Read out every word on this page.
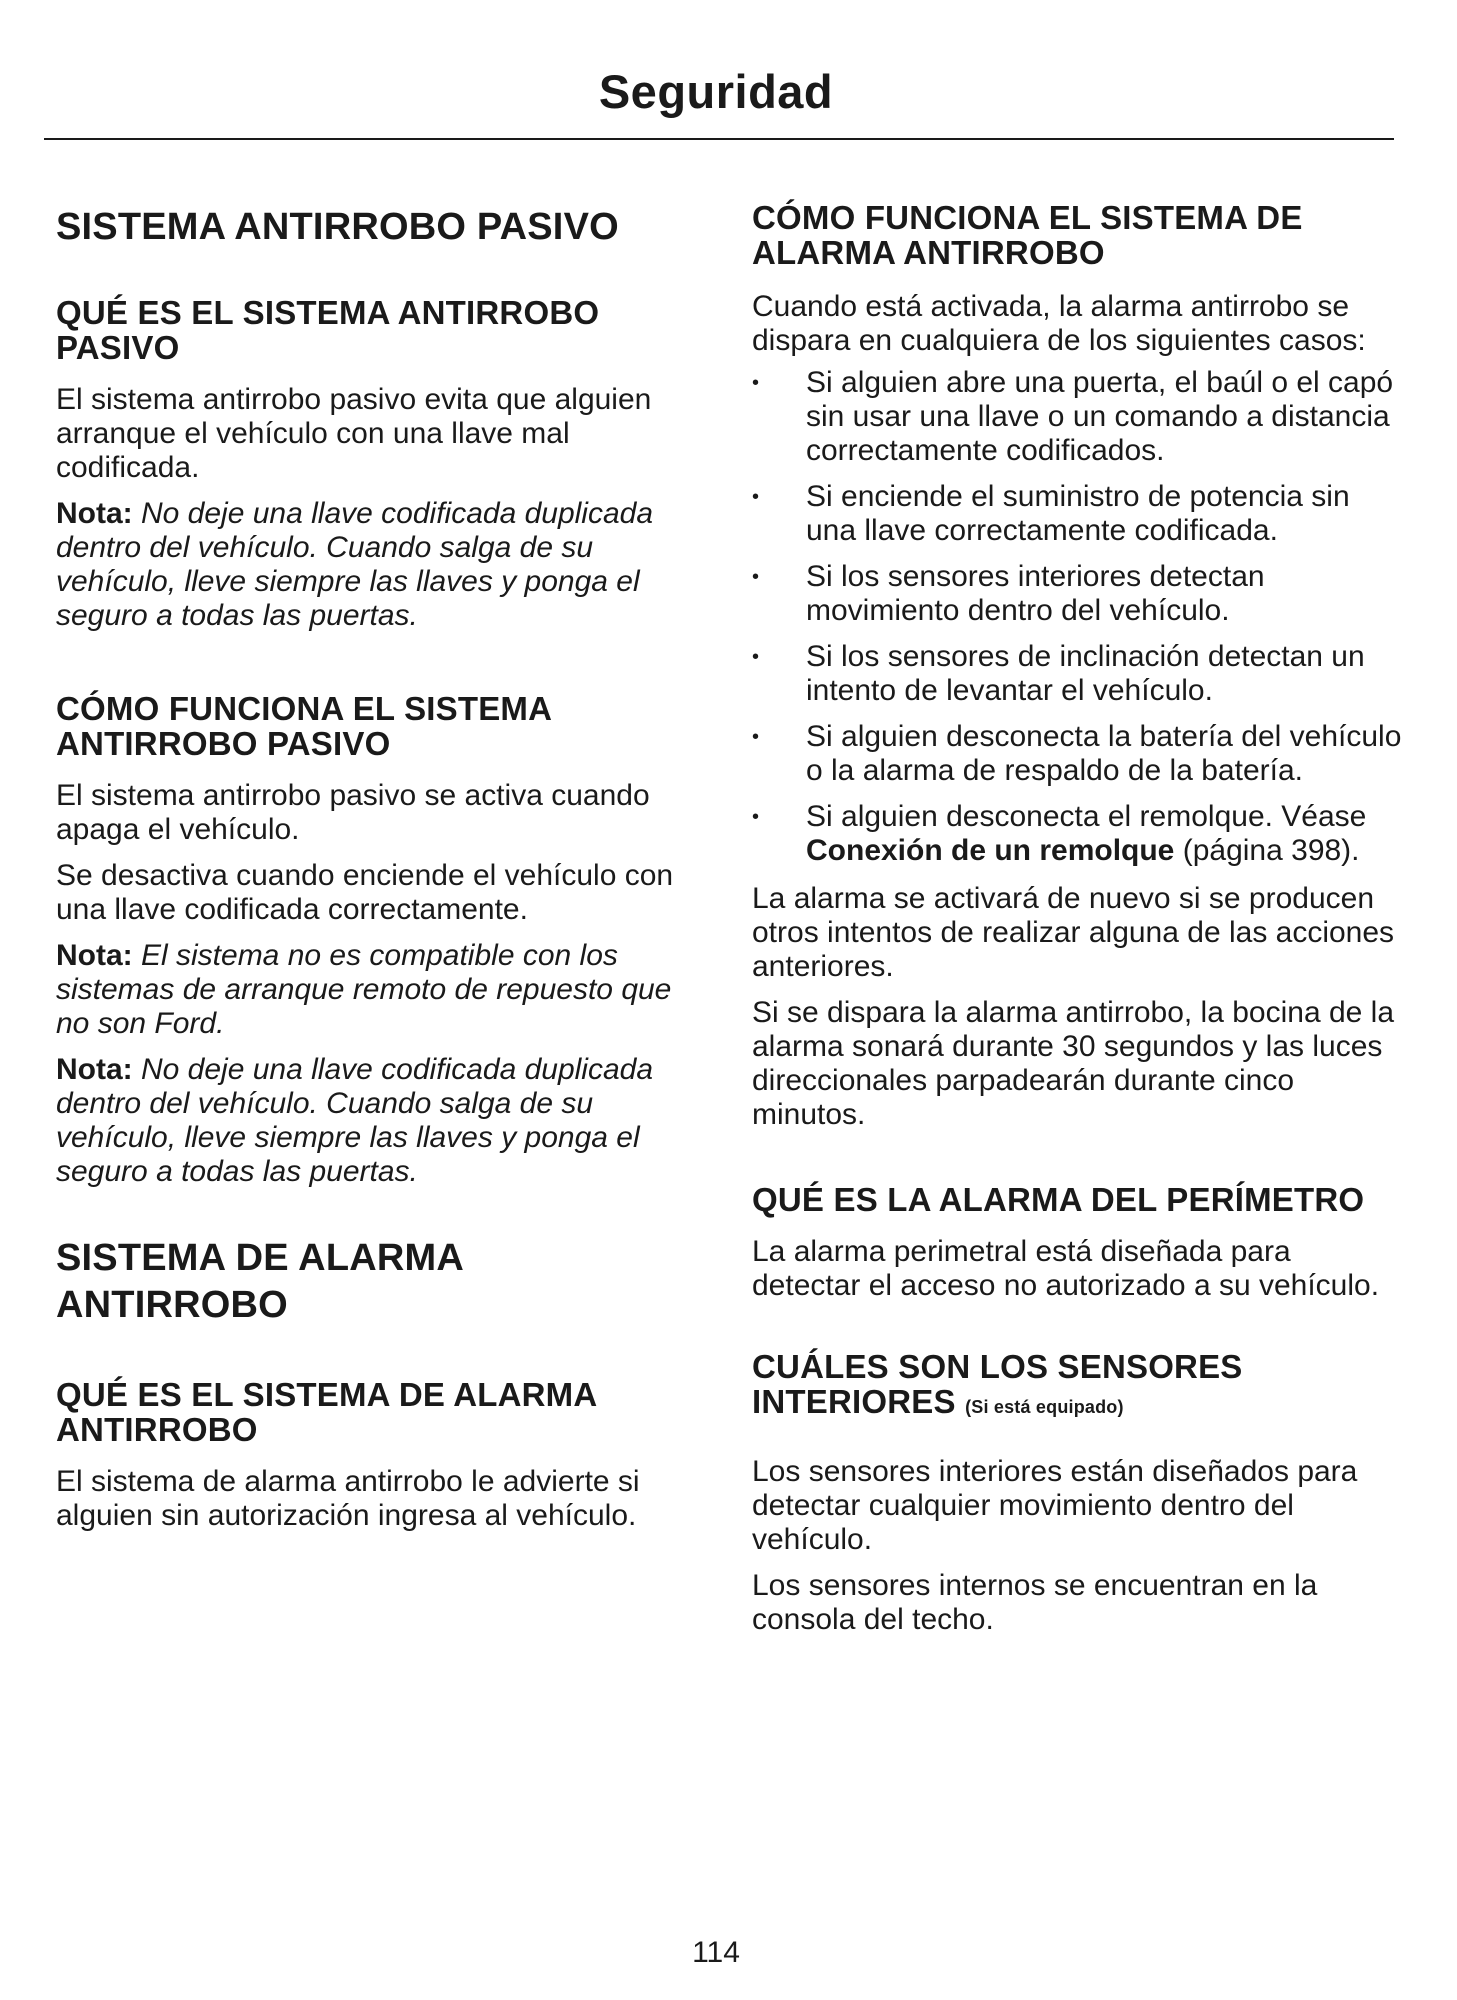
Seguridad
SISTEMA ANTIRROBO PASIVO
QUÉ ES EL SISTEMA ANTIRROBO PASIVO

El sistema antirrobo pasivo evita que alguien arranque el vehículo con una llave mal codificada.

Nota: No deje una llave codificada duplicada dentro del vehículo. Cuando salga de su vehículo, lleve siempre las llaves y ponga el seguro a todas las puertas.

CÓMO FUNCIONA EL SISTEMA ANTIRROBO PASIVO

El sistema antirrobo pasivo se activa cuando apaga el vehículo.

Se desactiva cuando enciende el vehículo con una llave codificada correctamente.

Nota: El sistema no es compatible con los sistemas de arranque remoto de repuesto que no son Ford.

Nota: No deje una llave codificada duplicada dentro del vehículo. Cuando salga de su vehículo, lleve siempre las llaves y ponga el seguro a todas las puertas.

SISTEMA DE ALARMA ANTIRROBO
QUÉ ES EL SISTEMA DE ALARMA ANTIRROBO

El sistema de alarma antirrobo le advierte si alguien sin autorización ingresa al vehículo.

CÓMO FUNCIONA EL SISTEMA DE ALARMA ANTIRROBO

Cuando está activada, la alarma antirrobo se dispara en cualquiera de los siguientes casos:

• Si alguien abre una puerta, el baúl o el capó sin usar una llave o un comando a distancia correctamente codificados.
• Si enciende el suministro de potencia sin una llave correctamente codificada.
• Si los sensores interiores detectan movimiento dentro del vehículo.
• Si los sensores de inclinación detectan un intento de levantar el vehículo.
• Si alguien desconecta la batería del vehículo o la alarma de respaldo de la batería.
• Si alguien desconecta el remolque. Véase Conexión de un remolque (página 398).

La alarma se activará de nuevo si se producen otros intentos de realizar alguna de las acciones anteriores.

Si se dispara la alarma antirrobo, la bocina de la alarma sonará durante 30 segundos y las luces direccionales parpadearán durante cinco minutos.

QUÉ ES LA ALARMA DEL PERÍMETRO

La alarma perimetral está diseñada para detectar el acceso no autorizado a su vehículo.

CUÁLES SON LOS SENSORES INTERIORES (Si está equipado)

Los sensores interiores están diseñados para detectar cualquier movimiento dentro del vehículo.

Los sensores internos se encuentran en la consola del techo.

114
